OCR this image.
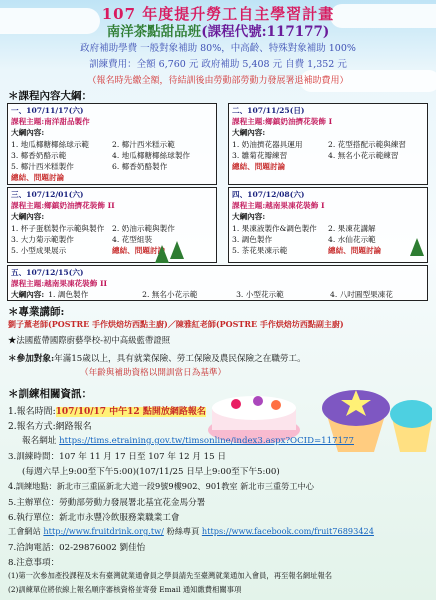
107 年度提升勞工自主學習計畫
南洋茶點甜品班(課程代號:117177)
政府補助學費 一般對象補助 80%，中高齡、特殊對象補助 100%
訓練費用：全額 6,760 元 政府補助 5,408 元 自費 1,352 元
（報名時先繳全額，待結訓後由勞動部勞動力發展署退補助費用）
＊課程內容大綱：
一、107/11/17(六)
課程主題:南洋甜品製作
大綱內容:
1. 地瓜椰糖椰絲球示範	2. 椰汁西米糕示範
3. 椰香奶酪示範	4. 地瓜椰糖椰絲球製作
5. 椰汁西米糕製作	6. 椰香奶酪製作
總結、問題討論
二、107/11/25(日)
課程主題:鄉鎮奶油擠花裝飾 I
大綱內容:
1. 奶油擠花器具運用	2. 花型搭配示範與練習
3. 雛菊花瓣練習	4. 無名小花示範練習
總結、問題討論
三、107/12/01(六)
課程主題:鄉鎮奶油擠花裝飾 II
大綱內容:
1. 杯子蛋糕製作示範與製作	2. 奶油示範與製作
3. 大力菊示範製作	4. 花型組裝
5. 小型成果展示	總結、問題討論
四、107/12/08(六)
課程主題:越南果凍花裝飾 I
大綱內容:
1. 果凍液製作&調色製作	2. 果凍花講解
3. 調色製作	4. 水仙花示範
5. 茶花果凍示範	總結、問題討論
五、107/12/15(六)
課程主題:越南果凍花裝飾 II
大綱內容: 1. 調色製作	2. 無名小花示範	3. 小型花示範	4. 八吋圓型果凍花
＊專業講師:
劉子薰老師(POSTRE 手作烘焙坊西點主廚)／陳雅紅老師(POSTRE 手作烘焙坊西點副主廚)
★法國藍帶國際廚藝學校-初中高級藍帶證照
＊參加對象:年滿15歲以上，具有就業保險、勞工保險及農民保險之在職勞工。
（年齡與補助資格以開訓當日為基準）
＊訓練相關資訊：
1.報名時間:107/10/17 中午12 點開放網路報名
2.報名方式:網路報名
報名網址 https://tims.etraining.gov.tw/timsonline/index3.aspx?OCID=117177
3.訓練時間：107 年 11 月 17 日至 107 年 12 月 15 日
(每週六早上9:00至下午5:00)(107/11/25 日早上9:00至下午5:00)
4.訓練地點：新北市三重區新北大道一段9號9樓902、901教室 新北市三重勞工中心
5.主辦單位：勞動部勞動力發展署北基宜花金馬分署
6.執行單位：新北市永豐冷飲服務業職業工會
工會網站 http://www.fruitdrink.org.tw/ 粉絲專頁 https://www.facebook.com/fruit76893424
7.洽詢電話：02-29876002 劉佳怡
8.注意事項：
(1)第一次參加產投課程及未有臺灣就業通會員之學員請先至臺灣就業通加入會員，再至報名網址報名
(2)訓練單位將依線上報名順序審核資格並寄發 Email 通知繳費相關事項
